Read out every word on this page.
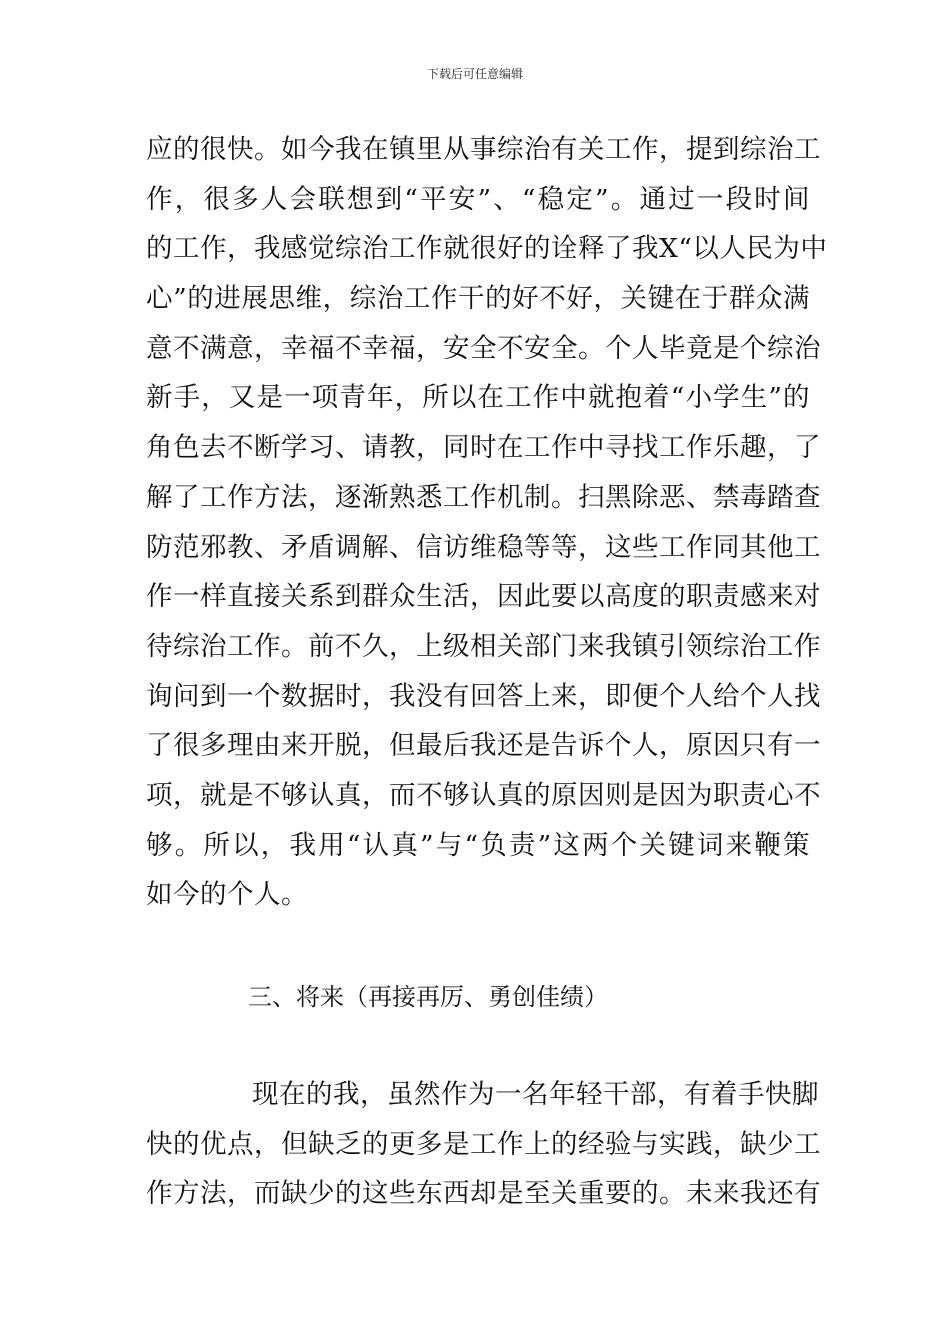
下载后可任意编辑
应的很快。如今我在镇里从事综治有关工作，提到综治工
作，很多人会联想到“平安”、“稳定”。通过一段时间
的工作，我感觉综治工作就很好的诠释了我X“以人民为中
心”的进展思维，综治工作干的好不好，关键在于群众满
意不满意，幸福不幸福，安全不安全。个人毕竟是个综治
新手，又是一项青年，所以在工作中就抱着“小学生”的
角色去不断学习、请教，同时在工作中寻找工作乐趣，了
解了工作方法，逐渐熟悉工作机制。扫黑除恶、禁毒踏查
防范邪教、矛盾调解、信访维稳等等，这些工作同其他工
作一样直接关系到群众生活，因此要以高度的职责感来对
待综治工作。前不久，上级相关部门来我镇引领综治工作
询问到一个数据时，我没有回答上来，即便个人给个人找
了很多理由来开脱，但最后我还是告诉个人，原因只有一
项，就是不够认真，而不够认真的原因则是因为职责心不
够。所以，我用“认真”与“负责”这两个关键词来鞭策
如今的个人。
三、将来（再接再厉、勇创佳绩）
现在的我，虽然作为一名年轻干部，有着手快脚
快的优点，但缺乏的更多是工作上的经验与实践，缺少工
作方法，而缺少的这些东西却是至关重要的。未来我还有
